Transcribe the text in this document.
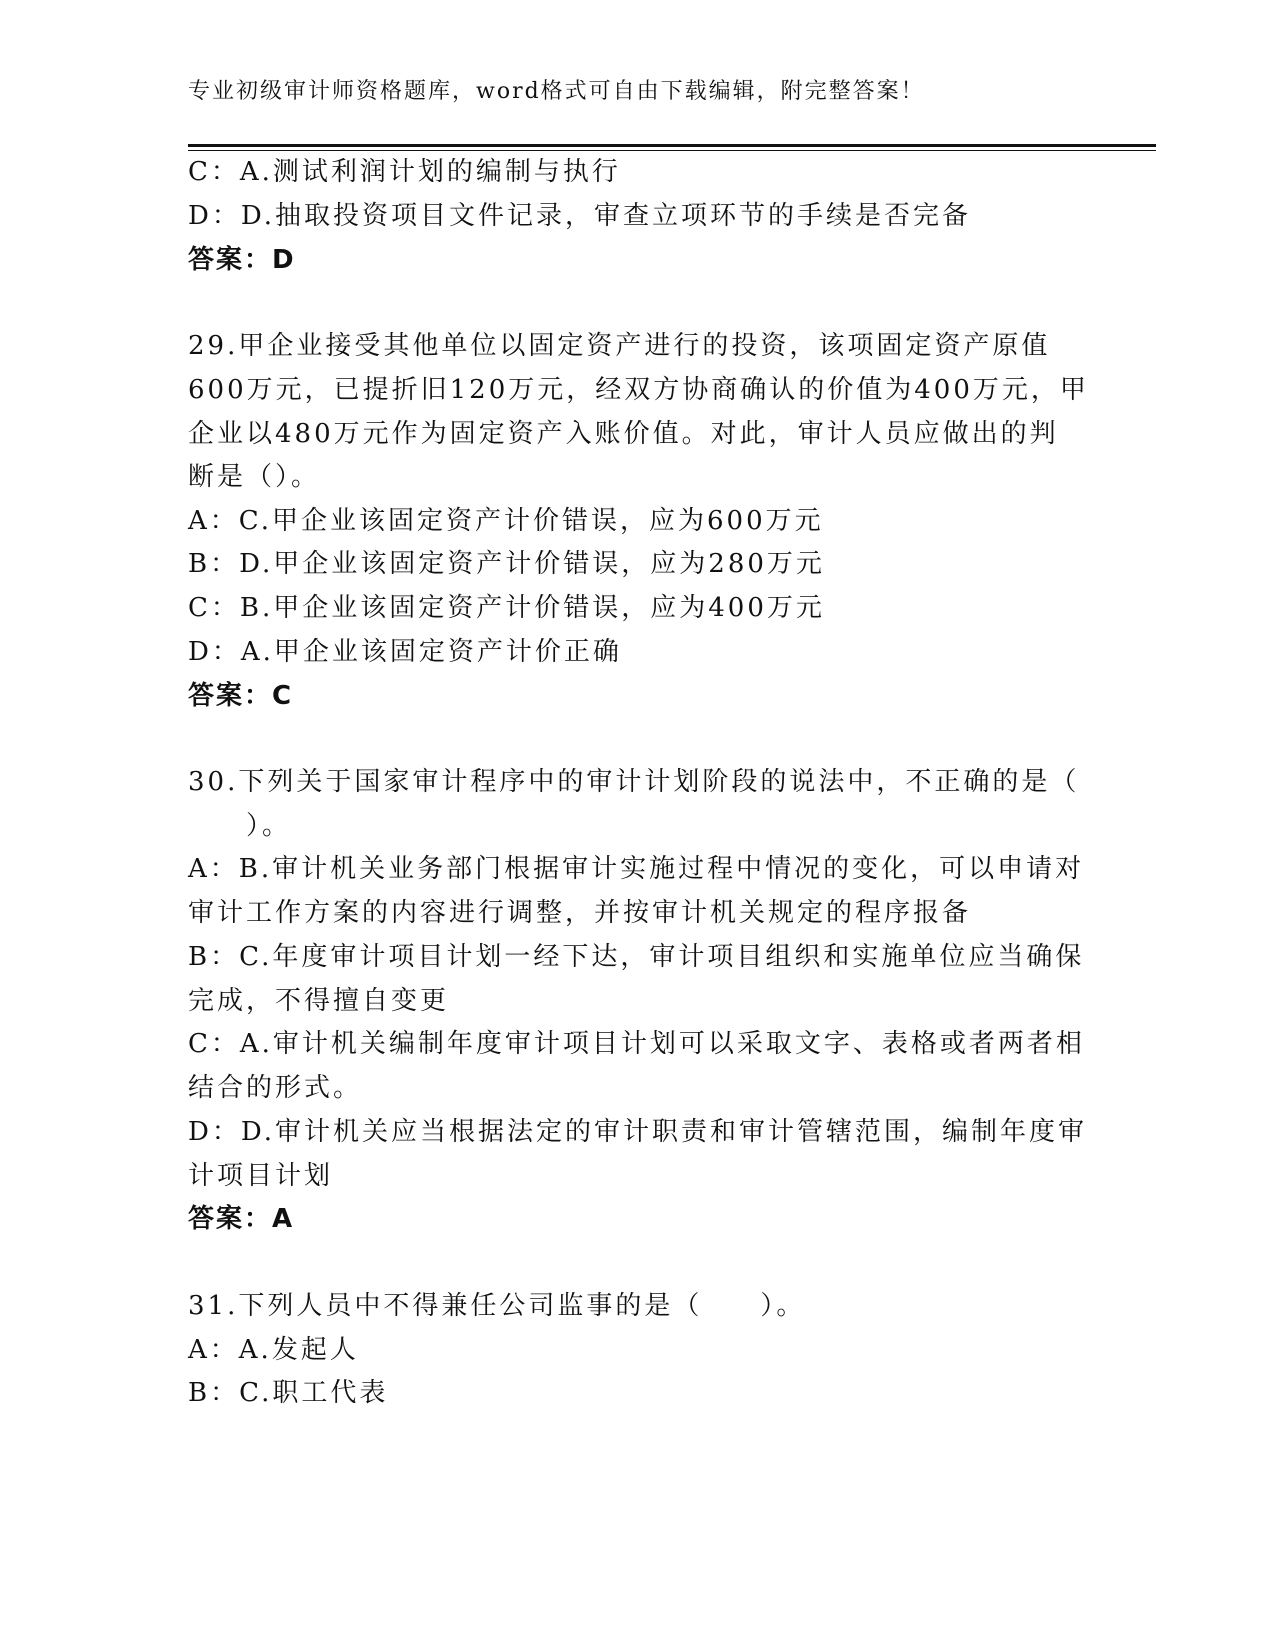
专业初级审计师资格题库，word格式可自由下载编辑，附完整答案！
C：A.测试利润计划的编制与执行
D：D.抽取投资项目文件记录，审查立项环节的手续是否完备
答案：D
29.甲企业接受其他单位以固定资产进行的投资，该项固定资产原值
600万元，已提折旧120万元，经双方协商确认的价值为400万元，甲
企业以480万元作为固定资产入账价值。对此，审计人员应做出的判
断是（）。
A：C.甲企业该固定资产计价错误，应为600万元
B：D.甲企业该固定资产计价错误，应为280万元
C：B.甲企业该固定资产计价错误，应为400万元
D：A.甲企业该固定资产计价正确
答案：C
30.下列关于国家审计程序中的审计计划阶段的说法中，不正确的是（
　　）。
A：B.审计机关业务部门根据审计实施过程中情况的变化，可以申请对
审计工作方案的内容进行调整，并按审计机关规定的程序报备
B：C.年度审计项目计划一经下达，审计项目组织和实施单位应当确保
完成，不得擅自变更
C：A.审计机关编制年度审计项目计划可以采取文字、表格或者两者相
结合的形式。
D：D.审计机关应当根据法定的审计职责和审计管辖范围，编制年度审
计项目计划
答案：A
31.下列人员中不得兼任公司监事的是（　　）。
A：A.发起人
B：C.职工代表
